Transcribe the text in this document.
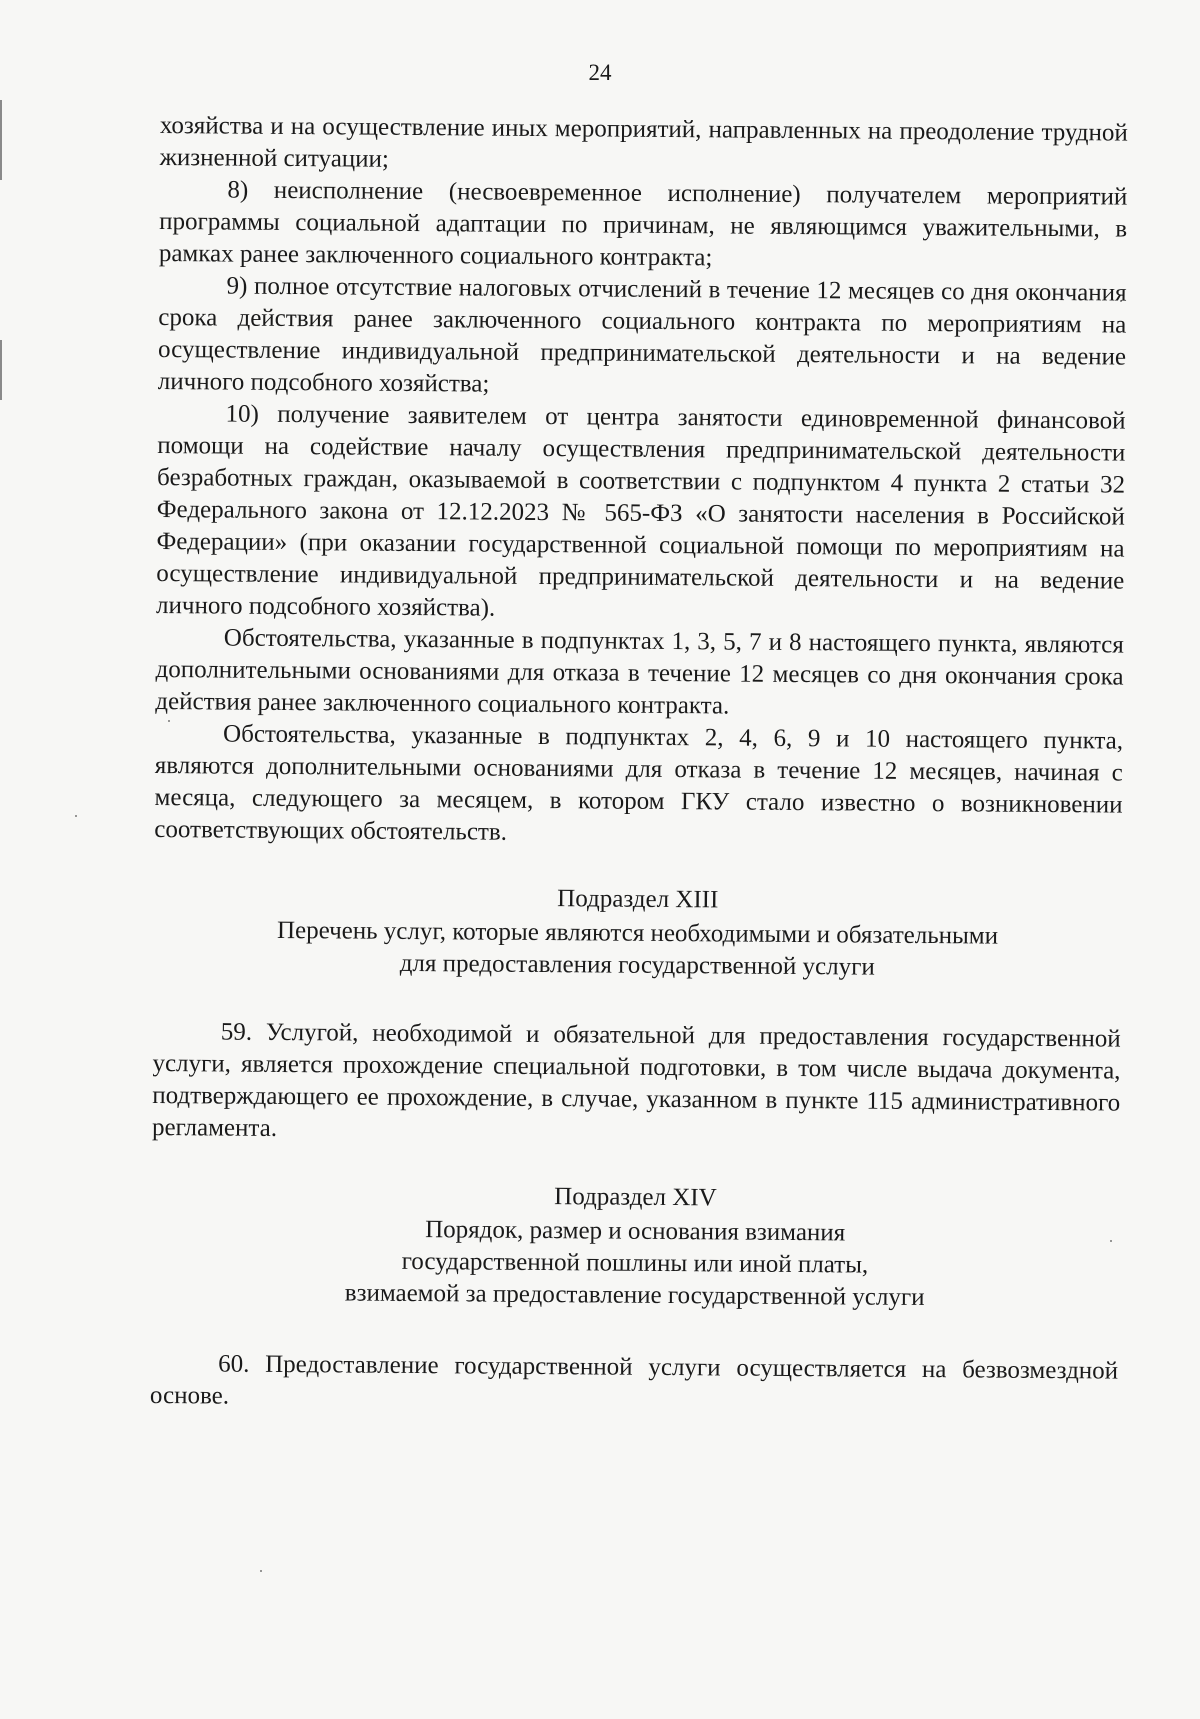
24

хозяйства и на осуществление иных мероприятий, направленных на преодоление трудной жизненной ситуации;

8) неисполнение (несвоевременное исполнение) получателем мероприятий программы социальной адаптации по причинам, не являющимся уважительными, в рамках ранее заключенного социального контракта;

9) полное отсутствие налоговых отчислений в течение 12 месяцев со дня окончания срока действия ранее заключенного социального контракта по мероприятиям на осуществление индивидуальной предпринимательской деятельности и на ведение личного подсобного хозяйства;

10) получение заявителем от центра занятости единовременной финансовой помощи на содействие началу осуществления предпринимательской деятельности безработных граждан, оказываемой в соответствии с подпунктом 4 пункта 2 статьи 32 Федерального закона от 12.12.2023 № 565-ФЗ «О занятости населения в Российской Федерации» (при оказании государственной социальной помощи по мероприятиям на осуществление индивидуальной предпринимательской деятельности и на ведение личного подсобного хозяйства).

Обстоятельства, указанные в подпунктах 1, 3, 5, 7 и 8 настоящего пункта, являются дополнительными основаниями для отказа в течение 12 месяцев со дня окончания срока действия ранее заключенного социального контракта.

Обстоятельства, указанные в подпунктах 2, 4, 6, 9 и 10 настоящего пункта, являются дополнительными основаниями для отказа в течение 12 месяцев, начиная с месяца, следующего за месяцем, в котором ГКУ стало известно о возникновении соответствующих обстоятельств.

Подраздел XIII
Перечень услуг, которые являются необходимыми и обязательными
для предоставления государственной услуги

59. Услугой, необходимой и обязательной для предоставления государственной услуги, является прохождение специальной подготовки, в том числе выдача документа, подтверждающего ее прохождение, в случае, указанном в пункте 115 административного регламента.

Подраздел XIV
Порядок, размер и основания взимания
государственной пошлины или иной платы,
взимаемой за предоставление государственной услуги

60. Предоставление государственной услуги осуществляется на безвозмездной основе.
